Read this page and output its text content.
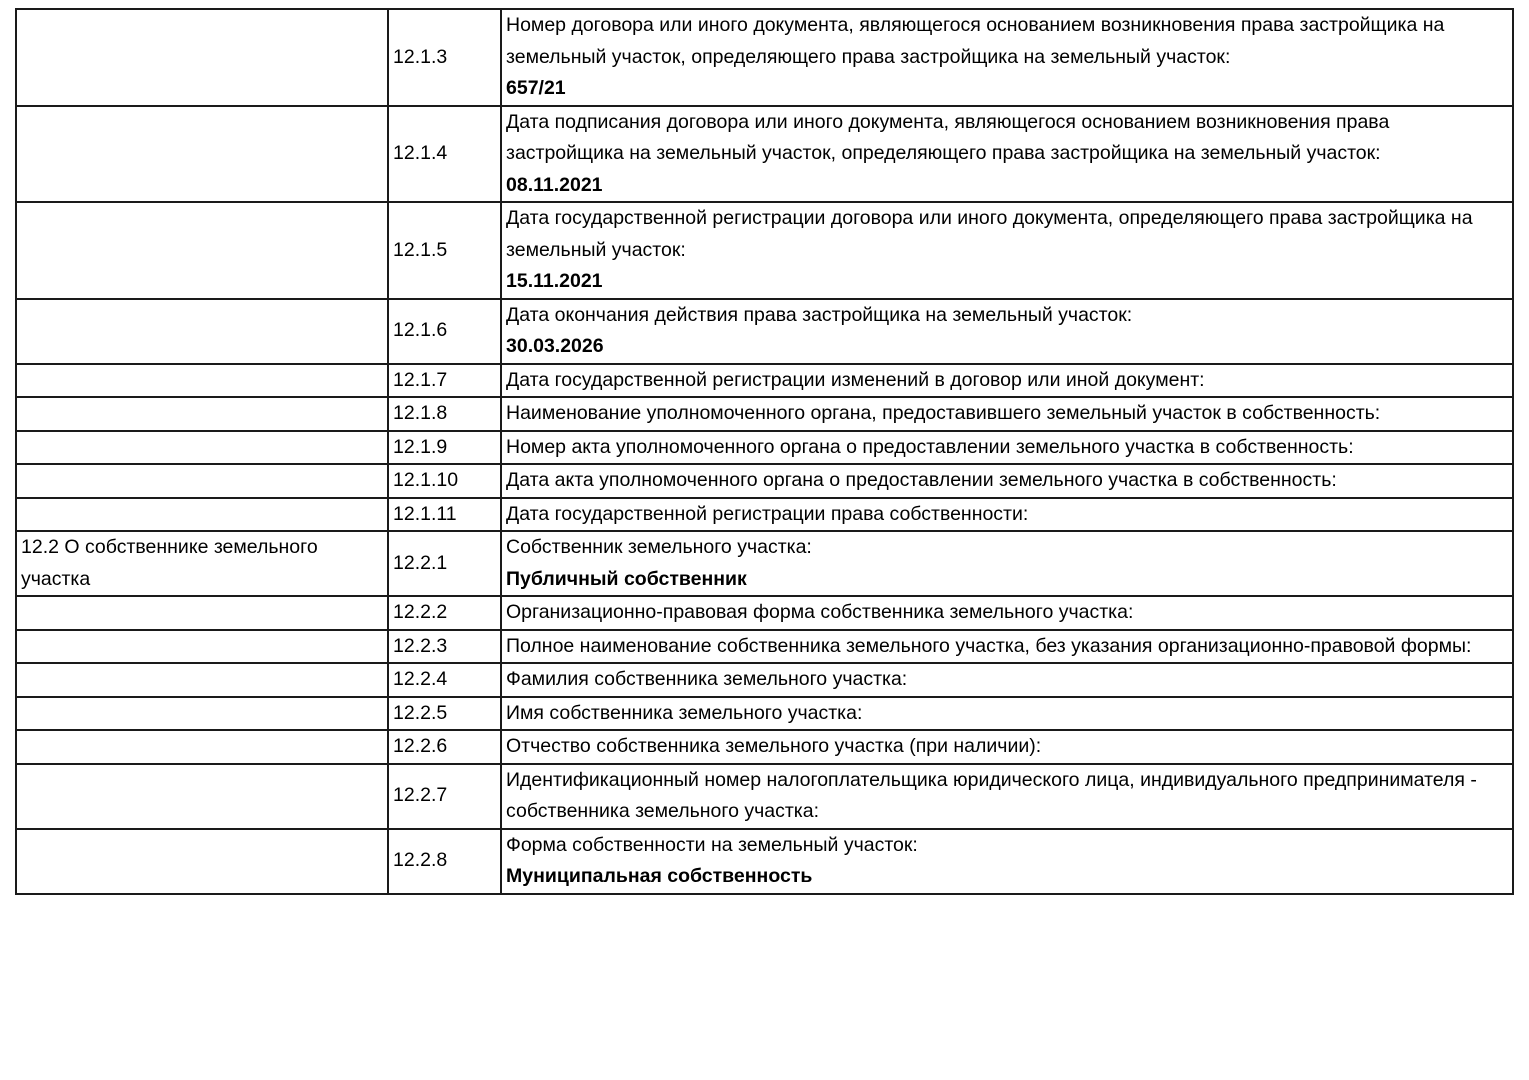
	12.1.3	Номер договора или иного документа, являющегося основанием возникновения права застройщика на земельный участок, определяющего права застройщика на земельный участок:
657/21

	12.1.4	Дата подписания договора или иного документа, являющегося основанием возникновения права застройщика на земельный участок, определяющего права застройщика на земельный участок:
08.11.2021

	12.1.5	Дата государственной регистрации договора или иного документа, определяющего права застройщика на земельный участок:
15.11.2021

	12.1.6	Дата окончания действия права застройщика на земельный участок:
30.03.2026

	12.1.7	Дата государственной регистрации изменений в договор или иной документ:

	12.1.8	Наименование уполномоченного органа, предоставившего земельный участок в собственность:

	12.1.9	Номер акта уполномоченного органа о предоставлении земельного участка в собственность:

	12.1.10	Дата акта уполномоченного органа о предоставлении земельного участка в собственность:

	12.1.11	Дата государственной регистрации права собственности:

12.2 О собственнике земельного участка	12.2.1	Собственник земельного участка:
Публичный собственник

	12.2.2	Организационно-правовая форма собственника земельного участка:

	12.2.3	Полное наименование собственника земельного участка, без указания организационно-правовой формы:

	12.2.4	Фамилия собственника земельного участка:

	12.2.5	Имя собственника земельного участка:

	12.2.6	Отчество собственника земельного участка (при наличии):

	12.2.7	Идентификационный номер налогоплательщика юридического лица, индивидуального предпринимателя - собственника земельного участка:

	12.2.8	Форма собственности на земельный участок:
Муниципальная собственность
